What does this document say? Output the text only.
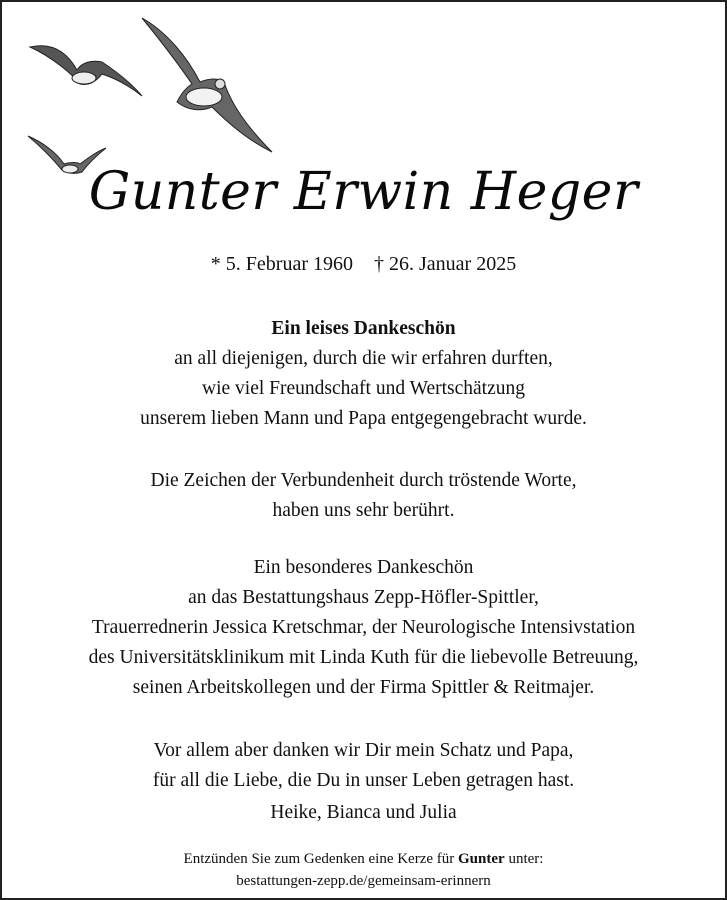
Gunter Erwin Heger
* 5. Februar 1960 † 26. Januar 2025
Ein leises Dankeschön
an all diejenigen, durch die wir erfahren durften,
wie viel Freundschaft und Wertschätzung
unserem lieben Mann und Papa entgegengebracht wurde.
Die Zeichen der Verbundenheit durch tröstende Worte,
haben uns sehr berührt.
Ein besonderes Dankeschön
an das Bestattungshaus Zepp-Höfler-Spittler,
Trauerrednerin Jessica Kretschmar, der Neurologische Intensivstation
des Universitätsklinikum mit Linda Kuth für die liebevolle Betreuung,
seinen Arbeitskollegen und der Firma Spittler & Reitmajer.
Vor allem aber danken wir Dir mein Schatz und Papa,
für all die Liebe, die Du in unser Leben getragen hast.
Heike, Bianca und Julia
Entzünden Sie zum Gedenken eine Kerze für Gunter unter:
bestattungen-zepp.de/gemeinsam-erinnern
